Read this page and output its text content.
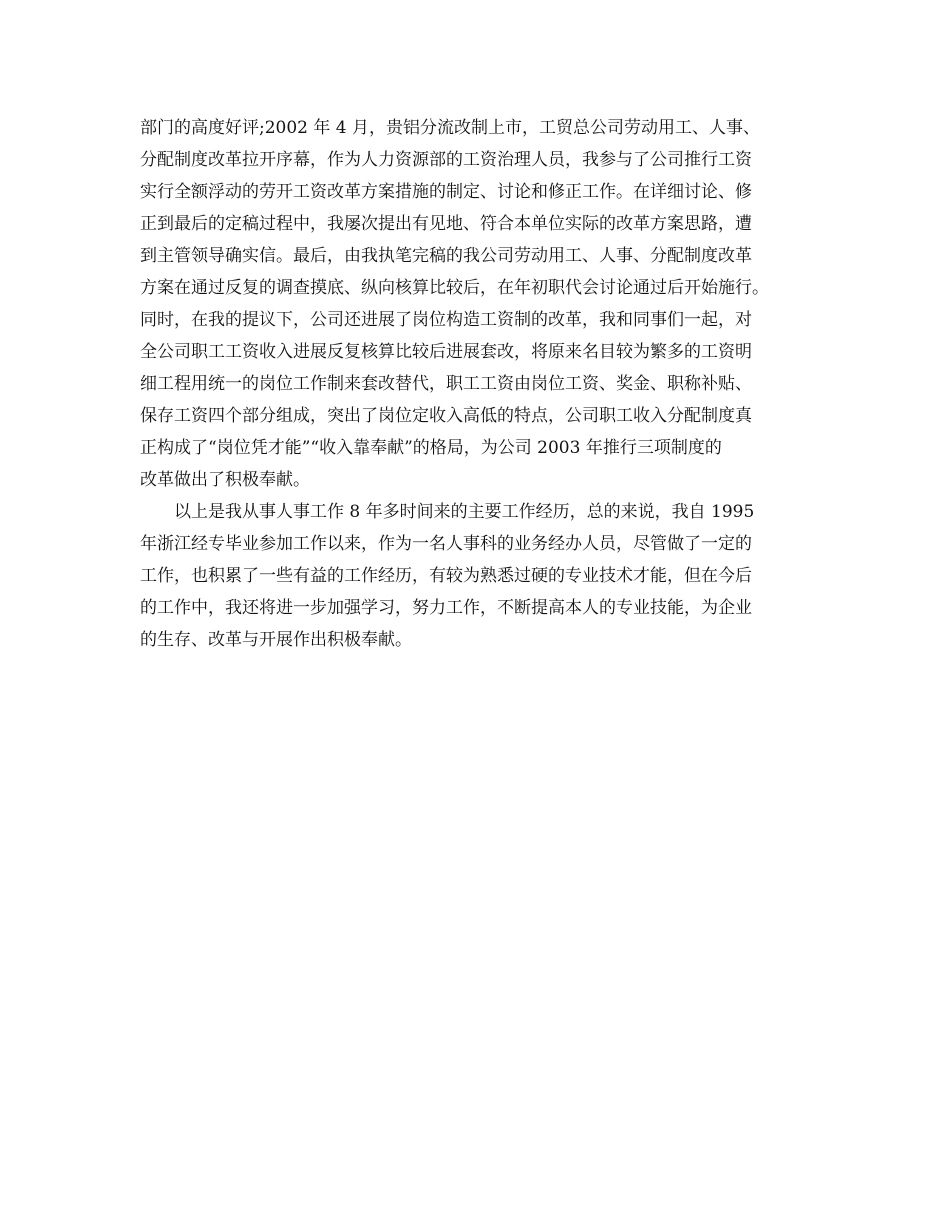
部门的高度好评;2002 年 4 月，贵铝分流改制上市，工贸总公司劳动用工、人事、
分配制度改革拉开序幕，作为人力资源部的工资治理人员，我参与了公司推行工资
实行全额浮动的劳开工资改革方案措施的制定、讨论和修正工作。在详细讨论、修
正到最后的定稿过程中，我屡次提出有见地、符合本单位实际的改革方案思路，遭
到主管领导确实信。最后，由我执笔完稿的我公司劳动用工、人事、分配制度改革
方案在通过反复的调查摸底、纵向核算比较后，在年初职代会讨论通过后开始施行。
同时，在我的提议下，公司还进展了岗位构造工资制的改革，我和同事们一起，对
全公司职工工资收入进展反复核算比较后进展套改，将原来名目较为繁多的工资明
细工程用统一的岗位工作制来套改替代，职工工资由岗位工资、奖金、职称补贴、
保存工资四个部分组成，突出了岗位定收入高低的特点，公司职工收入分配制度真
正构成了“岗位凭才能”“收入靠奉献”的格局，为公司 2003 年推行三项制度的
改革做出了积极奉献。
以上是我从事人事工作 8 年多时间来的主要工作经历，总的来说，我自 1995
年浙江经专毕业参加工作以来，作为一名人事科的业务经办人员，尽管做了一定的
工作，也积累了一些有益的工作经历，有较为熟悉过硬的专业技术才能，但在今后
的工作中，我还将进一步加强学习，努力工作，不断提高本人的专业技能，为企业
的生存、改革与开展作出积极奉献。
